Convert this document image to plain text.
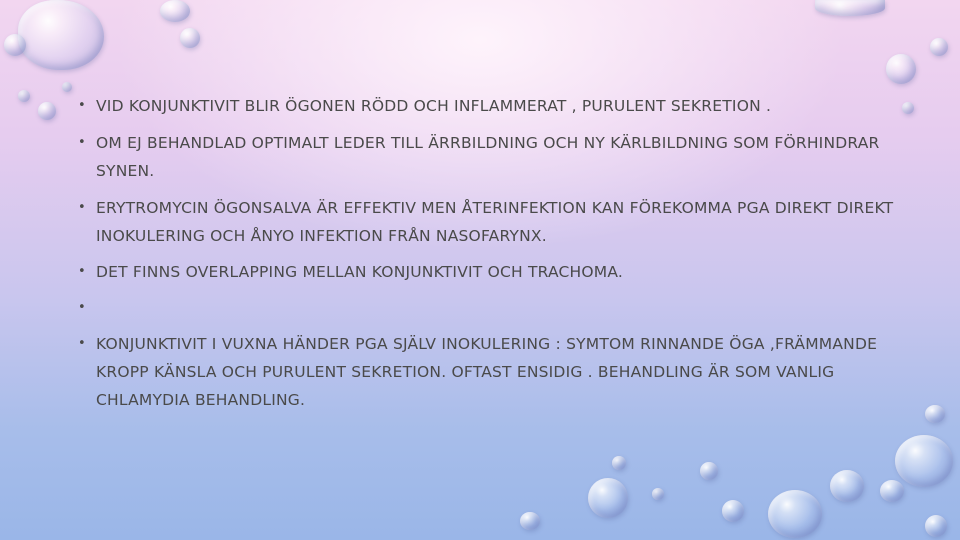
• VID KONJUNKTIVIT BLIR ÖGONEN RÖDD OCH INFLAMMERAT , PURULENT SEKRETION .

• OM EJ BEHANDLAD OPTIMALT LEDER TILL ÄRRBILDNING OCH NY KÄRLBILDNING SOM FÖRHINDRAR SYNEN.

• ERYTROMYCIN ÖGONSALVA ÄR EFFEKTIV MEN ÅTERINFEKTION KAN FÖREKOMMA PGA DIREKT DIREKT INOKULERING OCH ÅNYO INFEKTION FRÅN NASOFARYNX.

• DET FINNS OVERLAPPING MELLAN KONJUNKTIVIT OCH TRACHOMA.

•

• KONJUNKTIVIT I VUXNA HÄNDER PGA SJÄLV INOKULERING : SYMTOM RINNANDE ÖGA ,FRÄMMANDE KROPP KÄNSLA OCH PURULENT SEKRETION. OFTAST ENSIDIG . BEHANDLING ÄR SOM VANLIG CHLAMYDIA BEHANDLING.
